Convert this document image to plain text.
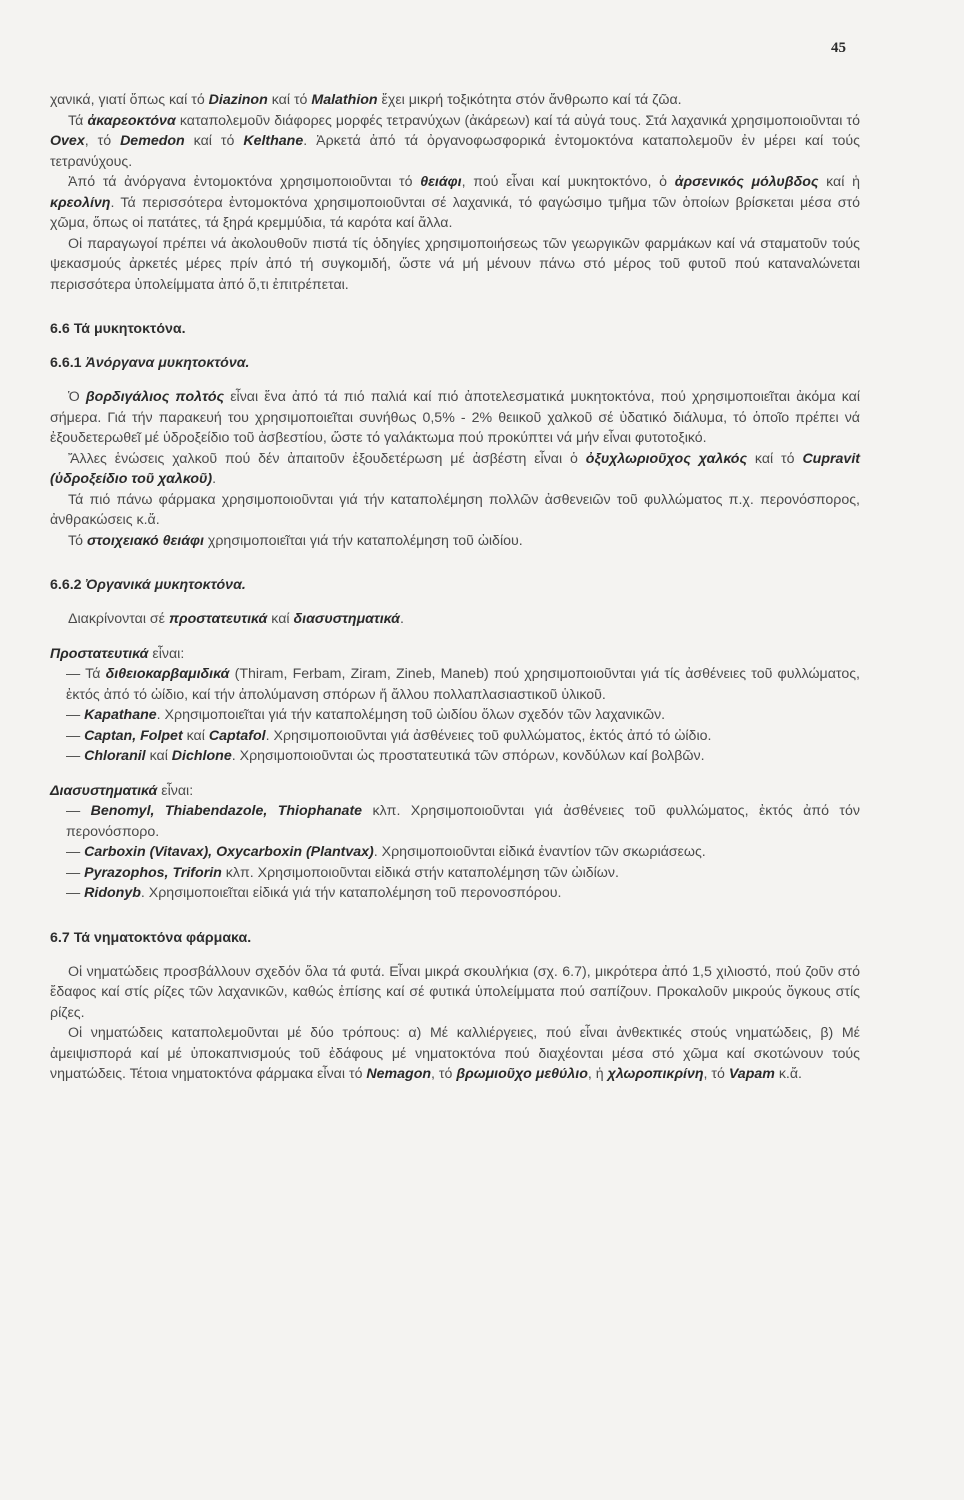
45

χανικά, γιατί ὅπως καί τό Diazinon καί τό Malathion ἔχει μικρή τοξικότητα στόν ἄνθρωπο καί τά ζῶα.

Τά ἀκαρεοκτόνα καταπολεμοῦν διάφορες μορφές τετρανύχων (ἀκάρεων) καί τά αὐγά τους. Στά λαχανικά χρησιμοποιοῦνται τό Ovex, τό Demedon καί τό Kelthane. Ἀρκετά ἀπό τά ὀργανοφωσφορικά ἐντομοκτόνα καταπολεμοῦν ἐν μέρει καί τούς τετρανύχους.

Ἀπό τά ἀνόργανα ἐντομοκτόνα χρησιμοποιοῦνται τό θειάφι, πού εἶναι καί μυκητοκτόνο, ὁ ἀρσενικός μόλυβδος καί ἡ κρεολίνη. Τά περισσότερα ἐντομοκτόνα χρησιμοποιοῦνται σέ λαχανικά, τό φαγώσιμο τμῆμα τῶν ὁποίων βρίσκεται μέσα στό χῶμα, ὅπως οἱ πατάτες, τά ξηρά κρεμμύδια, τά καρότα καί ἄλλα.

Οἱ παραγωγοί πρέπει νά ἀκολουθοῦν πιστά τίς ὁδηγίες χρησιμοποιήσεως τῶν γεωργικῶν φαρμάκων καί νά σταματοῦν τούς ψεκασμούς ἀρκετές μέρες πρίν ἀπό τή συγκομιδή, ὥστε νά μή μένουν πάνω στό μέρος τοῦ φυτοῦ πού καταναλώνεται περισσότερα ὑπολείμματα ἀπό ὅ,τι ἐπιτρέπεται.

6.6 Τά μυκητοκτόνα.
6.6.1 Ἀνόργανα μυκητοκτόνα.

Ὁ βορδιγάλιος πολτός εἶναι ἕνα ἀπό τά πιό παλιά καί πιό ἀποτελεσματικά μυκητοκτόνα, πού χρησιμοποιεῖται ἀκόμα καί σήμερα. Γιά τήν παρακευή του χρησιμοποιεῖται συνήθως 0,5% - 2% θειικοῦ χαλκοῦ σέ ὑδατικό διάλυμα, τό ὁποῖο πρέπει νά ἐξουδετερωθεῖ μέ ὑδροξείδιο τοῦ ἀσβεστίου, ὥστε τό γαλάκτωμα πού προκύπτει νά μήν εἶναι φυτοτοξικό.

Ἄλλες ἑνώσεις χαλκοῦ πού δέν ἀπαιτοῦν ἐξουδετέρωση μέ ἀσβέστη εἶναι ὁ ὀξυχλωριοῦχος χαλκός καί τό Cupravit (ὑδροξείδιο τοῦ χαλκοῦ).

Τά πιό πάνω φάρμακα χρησιμοποιοῦνται γιά τήν καταπολέμηση πολλῶν ἀσθενειῶν τοῦ φυλλώματος π.χ. περονόσπορος, ἀνθρακώσεις κ.ἄ.

Τό στοιχειακό θειάφι χρησιμοποιεῖται γιά τήν καταπολέμηση τοῦ ὠιδίου.

6.6.2 Ὀργανικά μυκητοκτόνα.

Διακρίνονται σέ προστατευτικά καί διασυστηματικά.

Προστατευτικά εἶναι:

— Τά διθειοκαρβαμιδικά (Thiram, Ferbam, Ziram, Zineb, Maneb) πού χρησιμοποιοῦνται γιά τίς ἀσθένειες τοῦ φυλλώματος, ἐκτός ἀπό τό ὠίδιο, καί τήν ἀπολύμανση σπόρων ἤ ἄλλου πολλαπλασιαστικοῦ ὑλικοῦ.

— Kapathane. Χρησιμοποιεῖται γιά τήν καταπολέμηση τοῦ ὠιδίου ὅλων σχεδόν τῶν λαχανικῶν.

— Captan, Folpet καί Captafol. Χρησιμοποιοῦνται γιά ἀσθένειες τοῦ φυλλώματος, ἐκτός ἀπό τό ὠίδιο.

— Chloranil καί Dichlone. Χρησιμοποιοῦνται ὡς προστατευτικά τῶν σπόρων, κονδύλων καί βολβῶν.

Διασυστηματικά εἶναι:

— Benomyl, Thiabendazole, Thiophanate κλπ. Χρησιμοποιοῦνται γιά ἀσθένειες τοῦ φυλλώματος, ἐκτός ἀπό τόν περονόσπορο.

— Carboxin (Vitavax), Oxycarboxin (Plantvax). Χρησιμοποιοῦνται εἰδικά ἐναντίον τῶν σκωριάσεως.

— Pyrazophos, Triforin κλπ. Χρησιμοποιοῦνται εἰδικά στήν καταπολέμηση τῶν ὠιδίων.

— Ridonyb. Χρησιμοποιεῖται εἰδικά γιά τήν καταπολέμηση τοῦ περονοσπόρου.

6.7 Τά νηματοκτόνα φάρμακα.

Οἱ νηματώδεις προσβάλλουν σχεδόν ὅλα τά φυτά. Εἶναι μικρά σκουλήκια (σχ. 6.7), μικρότερα ἀπό 1,5 χιλιοστό, πού ζοῦν στό ἔδαφος καί στίς ρίζες τῶν λαχανικῶν, καθώς ἐπίσης καί σέ φυτικά ὑπολείμματα πού σαπίζουν. Προκαλοῦν μικρούς ὄγκους στίς ρίζες.

Οἱ νηματώδεις καταπολεμοῦνται μέ δύο τρόπους: α) Μέ καλλιέργειες, πού εἶναι ἀνθεκτικές στούς νηματώδεις, β) Μέ ἀμειψισπορά καί μέ ὑποκαπνισμούς τοῦ ἐδάφους μέ νηματοκτόνα πού διαχέονται μέσα στό χῶμα καί σκοτώνουν τούς νηματώδεις. Τέτοια νηματοκτόνα φάρμακα εἶναι τό Nemagon, τό βρωμιοῦχο μεθύλιο, ἡ χλωροπικρίνη, τό Vapam κ.ἄ.
